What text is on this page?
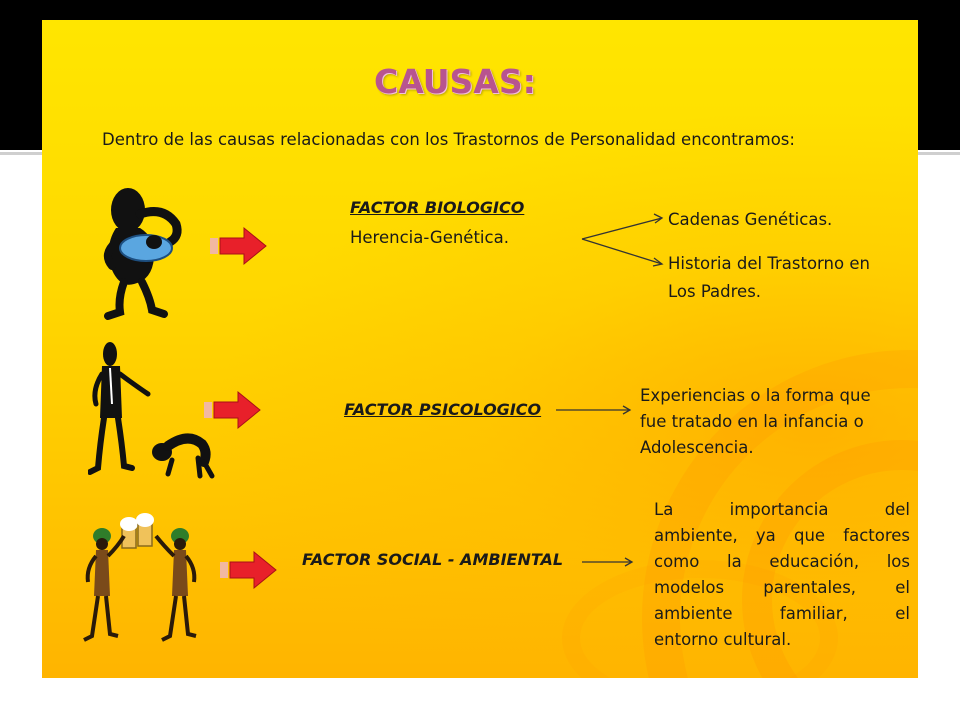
CAUSAS:
Dentro de las causas relacionadas con los Trastornos de Personalidad encontramos:
FACTOR BIOLOGICO
Herencia-Genética.
Cadenas Genéticas.
Historia del Trastorno en
Los Padres.
FACTOR PSICOLOGICO
Experiencias o la forma que
fue tratado en la infancia o
Adolescencia.
FACTOR SOCIAL - AMBIENTAL
La importancia del
ambiente, ya que factores
como la educación, los
modelos parentales, el
ambiente familiar, el
entorno cultural.
